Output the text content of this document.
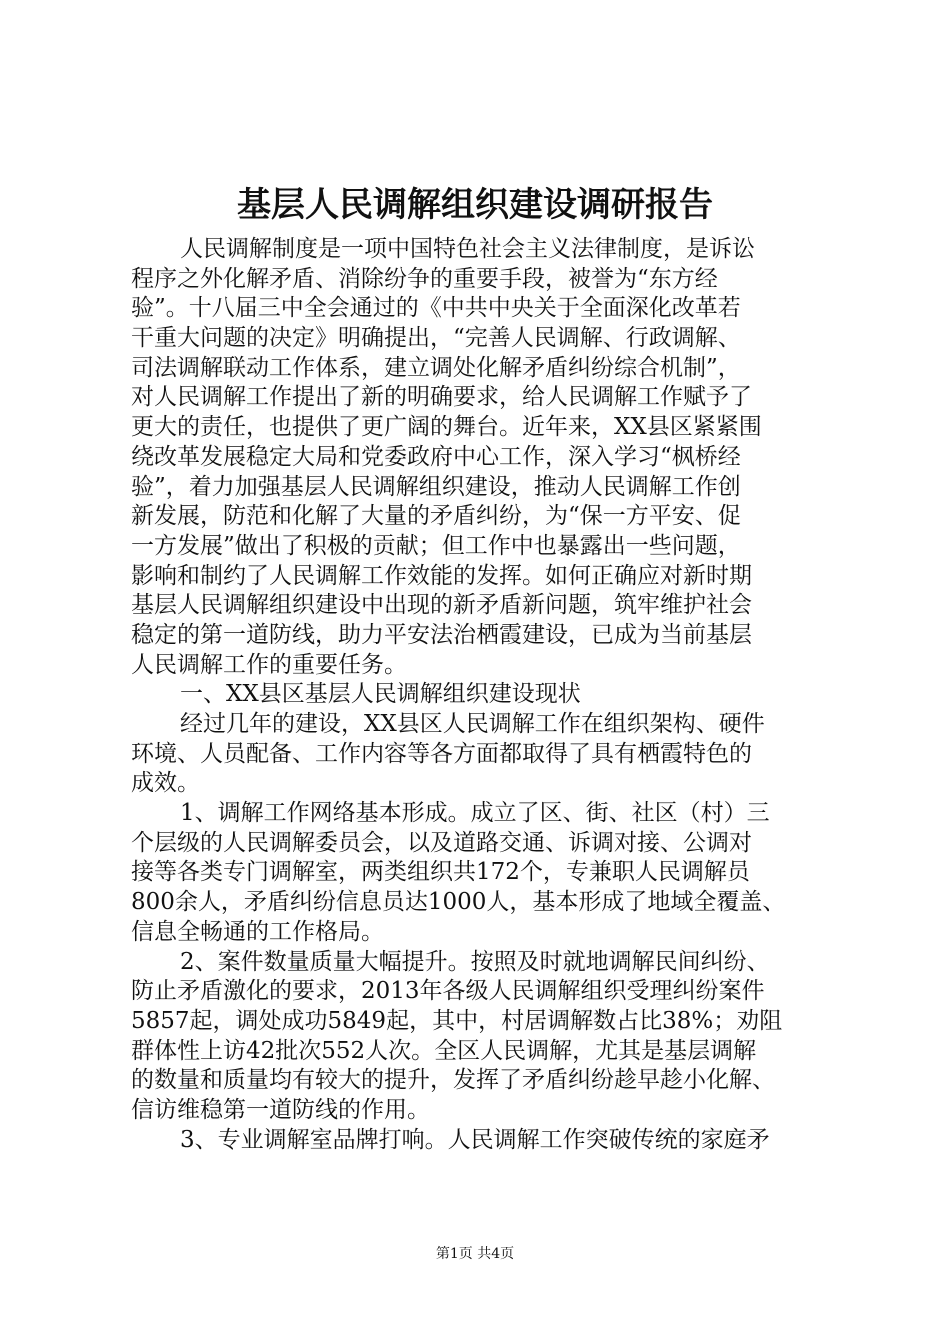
基层人民调解组织建设调研报告
人民调解制度是一项中国特色社会主义法律制度，是诉讼
程序之外化解矛盾、消除纷争的重要手段，被誉为“东方经
验”。十八届三中全会通过的《中共中央关于全面深化改革若
干重大问题的决定》明确提出，“完善人民调解、行政调解、
司法调解联动工作体系，建立调处化解矛盾纠纷综合机制”，
对人民调解工作提出了新的明确要求，给人民调解工作赋予了
更大的责任，也提供了更广阔的舞台。近年来，XX县区紧紧围
绕改革发展稳定大局和党委政府中心工作，深入学习“枫桥经
验”，着力加强基层人民调解组织建设，推动人民调解工作创
新发展，防范和化解了大量的矛盾纠纷，为“保一方平安、促
一方发展”做出了积极的贡献；但工作中也暴露出一些问题，
影响和制约了人民调解工作效能的发挥。如何正确应对新时期
基层人民调解组织建设中出现的新矛盾新问题，筑牢维护社会
稳定的第一道防线，助力平安法治栖霞建设，已成为当前基层
人民调解工作的重要任务。
一、XX县区基层人民调解组织建设现状
经过几年的建设，XX县区人民调解工作在组织架构、硬件
环境、人员配备、工作内容等各方面都取得了具有栖霞特色的
成效。
1、调解工作网络基本形成。成立了区、街、社区（村）三
个层级的人民调解委员会，以及道路交通、诉调对接、公调对
接等各类专门调解室，两类组织共172个，专兼职人民调解员
800余人，矛盾纠纷信息员达1000人，基本形成了地域全覆盖、
信息全畅通的工作格局。
2、案件数量质量大幅提升。按照及时就地调解民间纠纷、
防止矛盾激化的要求，2013年各级人民调解组织受理纠纷案件
5857起，调处成功5849起，其中，村居调解数占比38%；劝阻
群体性上访42批次552人次。全区人民调解，尤其是基层调解
的数量和质量均有较大的提升，发挥了矛盾纠纷趁早趁小化解、
信访维稳第一道防线的作用。
3、专业调解室品牌打响。人民调解工作突破传统的家庭矛
第1页 共4页
